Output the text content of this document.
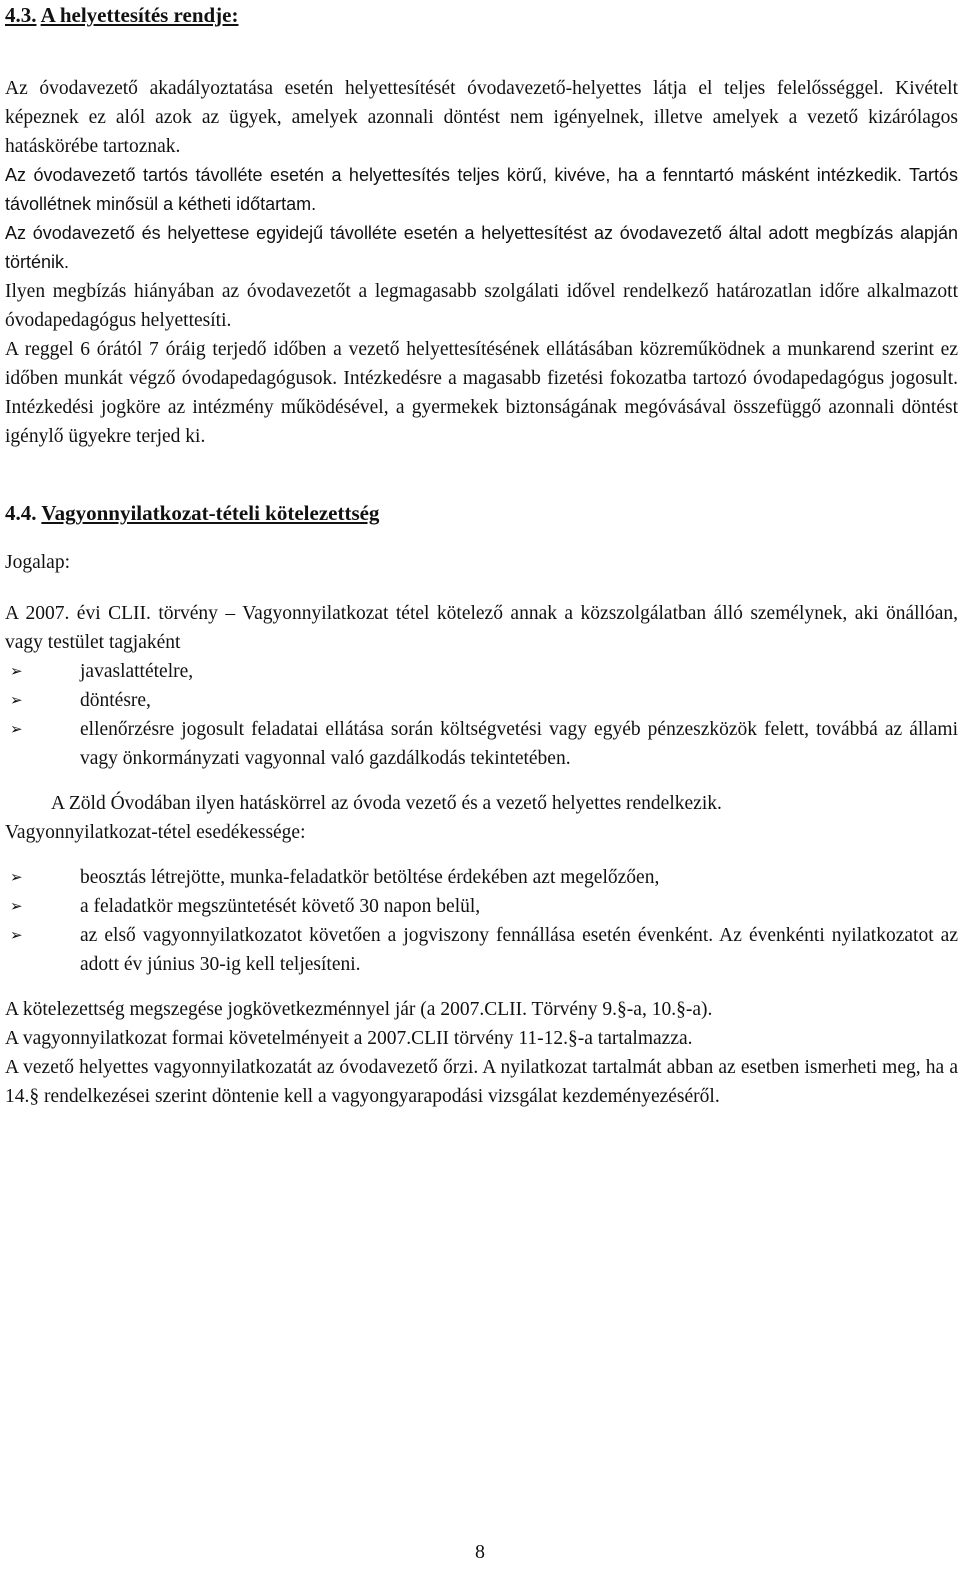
4.3. A helyettesítés rendje:

Az óvodavezető akadályoztatása esetén helyettesítését óvodavezető-helyettes látja el teljes felelősséggel. Kivételt képeznek ez alól azok az ügyek, amelyek azonnali döntést nem igényelnek, illetve amelyek a vezető kizárólagos hatáskörébe tartoznak.

Az óvodavezető tartós távolléte esetén a helyettesítés teljes körű, kivéve, ha a fenntartó másként intézkedik. Tartós távollétnek minősül a kétheti időtartam.

Az óvodavezető és helyettese egyidejű távolléte esetén a helyettesítést az óvodavezető által adott megbízás alapján történik.

Ilyen megbízás hiányában az óvodavezetőt a legmagasabb szolgálati idővel rendelkező határozatlan időre alkalmazott óvodapedagógus helyettesíti.

A reggel 6 órától 7 óráig terjedő időben a vezető helyettesítésének ellátásában közreműködnek a munkarend szerint ez időben munkát végző óvodapedagógusok. Intézkedésre a magasabb fizetési fokozatba tartozó óvodapedagógus jogosult. Intézkedési jogköre az intézmény működésével, a gyermekek biztonságának megóvásával összefüggő azonnali döntést igénylő ügyekre terjed ki.

4.4. Vagyonnyilatkozat-tételi kötelezettség

Jogalap:

A 2007. évi CLII. törvény – Vagyonnyilatkozat tétel kötelező annak a közszolgálatban álló személynek, aki önállóan, vagy testület tagjaként

➢	javaslattételre,
➢	döntésre,
➢	ellenőrzésre jogosult feladatai ellátása során költségvetési vagy egyéb pénzeszközök felett, továbbá az állami vagy önkormányzati vagyonnal való gazdálkodás tekintetében.

A Zöld Óvodában ilyen hatáskörrel az óvoda vezető és a vezető helyettes rendelkezik.

Vagyonnyilatkozat-tétel esedékessége:

➢	beosztás létrejötte, munka-feladatkör betöltése érdekében azt megelőzően,
➢	a feladatkör megszüntetését követő 30 napon belül,
➢	az első vagyonnyilatkozatot követően a jogviszony fennállása esetén évenként. Az évenkénti nyilatkozatot az adott év június 30-ig kell teljesíteni.

A kötelezettség megszegése jogkövetkezménnyel jár (a 2007.CLII. Törvény 9.§-a, 10.§-a).

A vagyonnyilatkozat formai követelményeit a 2007.CLII törvény 11-12.§-a tartalmazza.

A vezető helyettes vagyonnyilatkozatát az óvodavezető őrzi. A nyilatkozat tartalmát abban az esetben ismerheti meg, ha a 14.§ rendelkezései szerint döntenie kell a vagyongyarapodási vizsgálat kezdeményezéséről.

8
